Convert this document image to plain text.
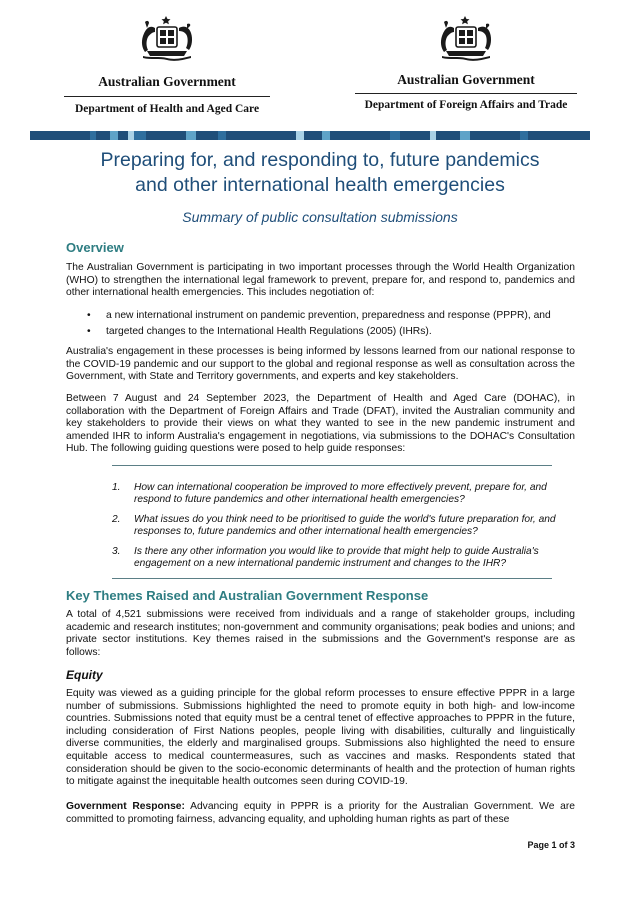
Australian Government
Department of Health and Aged Care
Australian Government
Department of Foreign Affairs and Trade
Preparing for, and responding to, future pandemics
and other international health emergencies
Summary of public consultation submissions
Overview
The Australian Government is participating in two important processes through the World Health Organization (WHO) to strengthen the international legal framework to prevent, prepare for, and respond to, pandemics and other international health emergencies. This includes negotiation of:
•	a new international instrument on pandemic prevention, preparedness and response (PPPR), and
•	targeted changes to the International Health Regulations (2005) (IHRs).
Australia's engagement in these processes is being informed by lessons learned from our national response to the COVID-19 pandemic and our support to the global and regional response as well as consultation across the Government, with State and Territory governments, and experts and key stakeholders.
Between 7 August and 24 September 2023, the Department of Health and Aged Care (DOHAC), in collaboration with the Department of Foreign Affairs and Trade (DFAT), invited the Australian community and key stakeholders to provide their views on what they wanted to see in the new pandemic instrument and amended IHR to inform Australia's engagement in negotiations, via submissions to the DOHAC's Consultation Hub. The following guiding questions were posed to help guide responses:
1.	How can international cooperation be improved to more effectively prevent, prepare for, and respond to future pandemics and other international health emergencies?
2.	What issues do you think need to be prioritised to guide the world's future preparation for, and responses to, future pandemics and other international health emergencies?
3.	Is there any other information you would like to provide that might help to guide Australia's engagement on a new international pandemic instrument and changes to the IHR?
Key Themes Raised and Australian Government Response
A total of 4,521 submissions were received from individuals and a range of stakeholder groups, including academic and research institutes; non-government and community organisations; peak bodies and unions; and private sector institutions. Key themes raised in the submissions and the Government's response are as follows:
Equity
Equity was viewed as a guiding principle for the global reform processes to ensure effective PPPR in a large number of submissions. Submissions highlighted the need to promote equity in both high- and low-income countries. Submissions noted that equity must be a central tenet of effective approaches to PPPR in the future, including consideration of First Nations peoples, people living with disabilities, culturally and linguistically diverse communities, the elderly and marginalised groups. Submissions also highlighted the need to ensure equitable access to medical countermeasures, such as vaccines and masks. Respondents stated that consideration should be given to the socio-economic determinants of health and the protection of human rights to mitigate against the inequitable health outcomes seen during COVID-19.
Government Response: Advancing equity in PPPR is a priority for the Australian Government. We are committed to promoting fairness, advancing equality, and upholding human rights as part of these
Page 1 of 3
